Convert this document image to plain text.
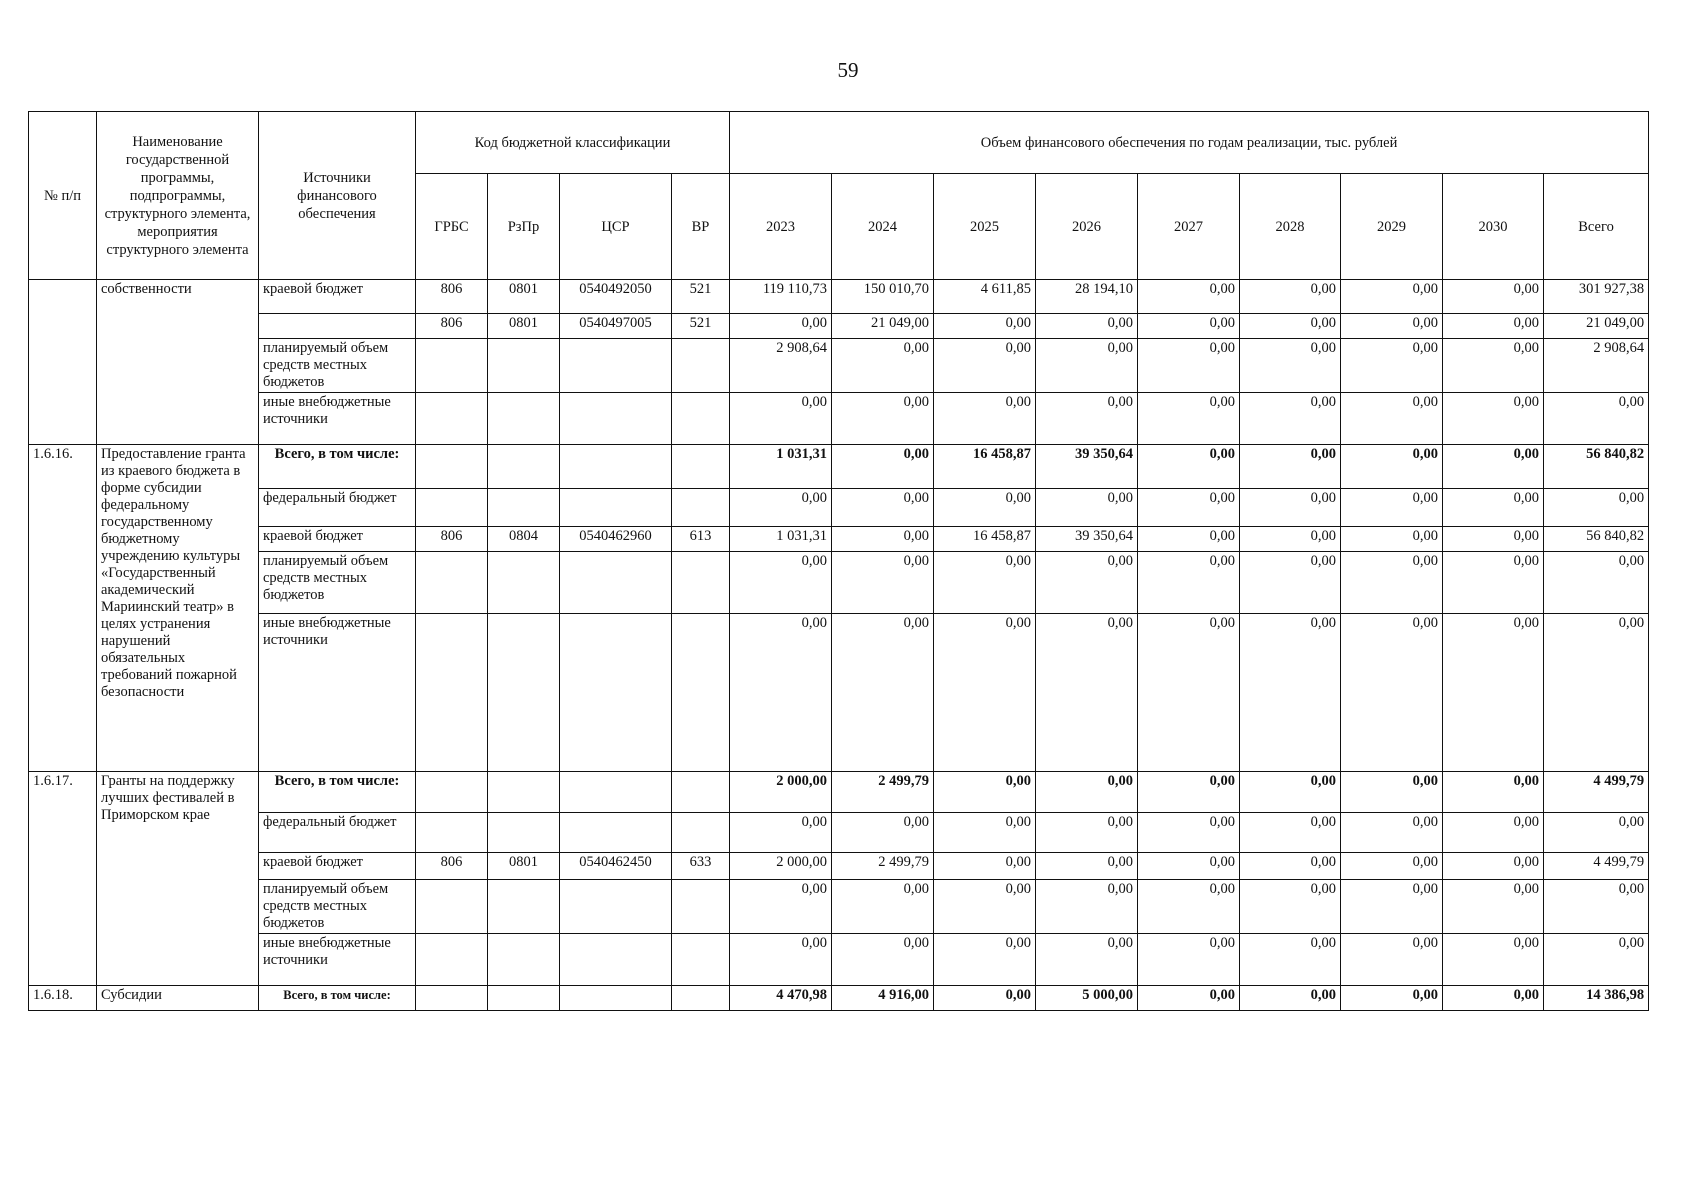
59
№ п/п	Наименование государственной программы, подпрограммы, структурного элемента, мероприятия структурного элемента	Источники финансового обеспечения	Код бюджетной классификации				Объем финансового обеспечения по годам реализации, тыс. рублей								
			ГРБС	РзПр	ЦСР	ВР	2023	2024	2025	2026	2027	2028	2029	2030	Всего
	собственности	краевой бюджет	806	0801	0540492050	521	119 110,73	150 010,70	4 611,85	28 194,10	0,00	0,00	0,00	0,00	301 927,38
			806	0801	0540497005	521	0,00	21 049,00	0,00	0,00	0,00	0,00	0,00	0,00	21 049,00
		планируемый объем средств местных бюджетов					2 908,64	0,00	0,00	0,00	0,00	0,00	0,00	0,00	2 908,64
		иные внебюджетные источники					0,00	0,00	0,00	0,00	0,00	0,00	0,00	0,00	0,00
1.6.16.	Предоставление гранта из краевого бюджета в форме субсидии федеральному государственному бюджетному учреждению культуры «Государственный академический Мариинский театр» в целях устранения нарушений обязательных требований пожарной безопасности	Всего, в том числе:					1 031,31	0,00	16 458,87	39 350,64	0,00	0,00	0,00	0,00	56 840,82
		федеральный бюджет					0,00	0,00	0,00	0,00	0,00	0,00	0,00	0,00	0,00
		краевой бюджет	806	0804	0540462960	613	1 031,31	0,00	16 458,87	39 350,64	0,00	0,00	0,00	0,00	56 840,82
		планируемый объем средств местных бюджетов					0,00	0,00	0,00	0,00	0,00	0,00	0,00	0,00	0,00
		иные внебюджетные источники					0,00	0,00	0,00	0,00	0,00	0,00	0,00	0,00	0,00
1.6.17.	Гранты на поддержку лучших фестивалей в Приморском крае	Всего, в том числе:					2 000,00	2 499,79	0,00	0,00	0,00	0,00	0,00	0,00	4 499,79
		федеральный бюджет					0,00	0,00	0,00	0,00	0,00	0,00	0,00	0,00	0,00
		краевой бюджет	806	0801	0540462450	633	2 000,00	2 499,79	0,00	0,00	0,00	0,00	0,00	0,00	4 499,79
		планируемый объем средств местных бюджетов					0,00	0,00	0,00	0,00	0,00	0,00	0,00	0,00	0,00
		иные внебюджетные источники					0,00	0,00	0,00	0,00	0,00	0,00	0,00	0,00	0,00
1.6.18.	Субсидии	Всего, в том числе:					4 470,98	4 916,00	0,00	5 000,00	0,00	0,00	0,00	0,00	14 386,98
